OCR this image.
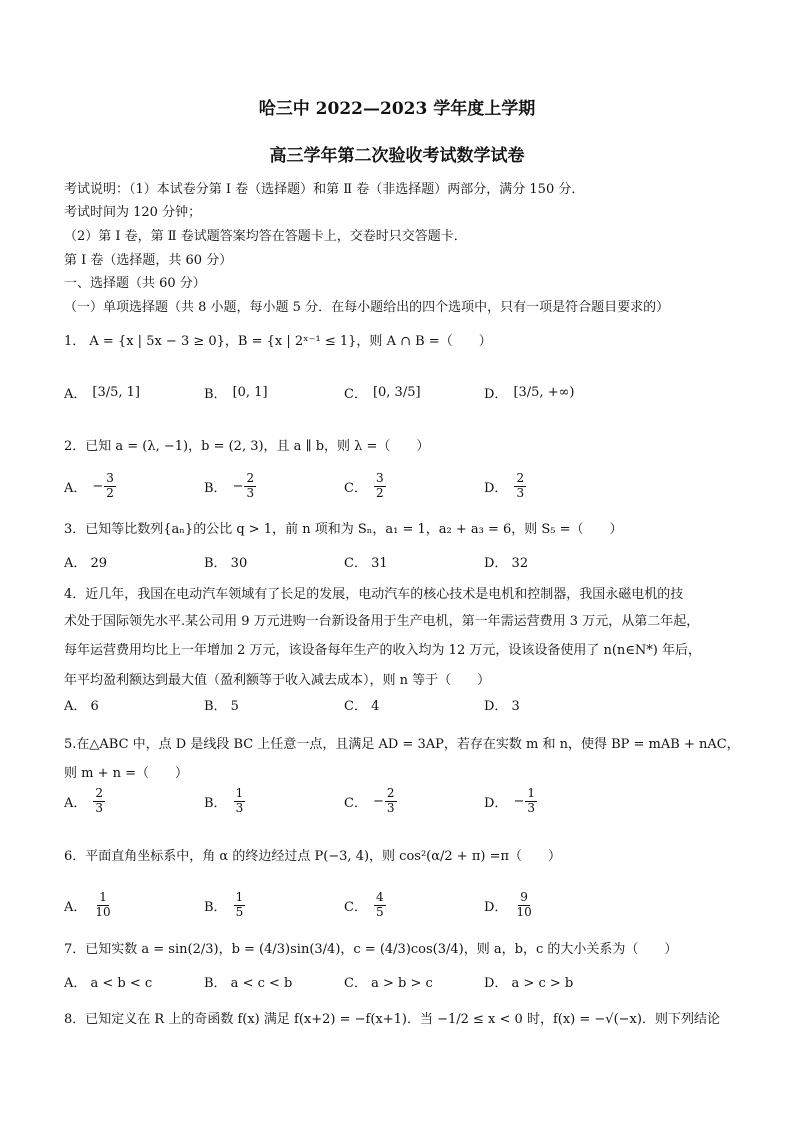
哈三中 2022—2023 学年度上学期
高三学年第二次验收考试数学试卷
考试说明：（1）本试卷分第 I 卷（选择题）和第 Ⅱ 卷（非选择题）两部分，满分 150 分．
考试时间为 120 分钟；
（2）第 I 卷，第 Ⅱ 卷试题答案均答在答题卡上，交卷时只交答题卡．
第 I 卷（选择题，共 60 分）
一、选择题（共 60 分）
（一）单项选择题（共 8 小题，每小题 5 分．在每小题给出的四个选项中，只有一项是符合题目要求的）
1． A = {x | 5x − 3 ≥ 0}，B = {x | 2ˣ⁻¹ ≤ 1}，则 A ∩ B =（　　）
A． [3/5, 1]	B． [0, 1]	C． [0, 3/5]	D． [3/5, +∞)
2．已知 a = (λ, −1)，b = (2, 3)，且 a ∥ b，则 λ =（　　）
A． − $\frac{3}{2}$	B． − $\frac{2}{3}$	C． $\frac{3}{2}$	D． $\frac{2}{3}$
3．已知等比数列{aₙ}的公比 q > 1，前 n 项和为 Sₙ，a₁ = 1，a₂ + a₃ = 6，则 S₅ =（　　）
A． 29	B． 30	C． 31	D． 32
4．近几年，我国在电动汽车领域有了长足的发展，电动汽车的核心技术是电机和控制器，我国永磁电机的技
术处于国际领先水平.某公司用 9 万元进购一台新设备用于生产电机，第一年需运营费用 3 万元，从第二年起，
每年运营费用均比上一年增加 2 万元，该设备每年生产的收入均为 12 万元，设该设备使用了 n(n∈N*) 年后，
年平均盈利额达到最大值（盈利额等于收入减去成本），则 n 等于（　　）
A． 6	B． 5	C． 4	D． 3
5.在△ABC 中，点 D 是线段 BC 上任意一点，且满足 AD = 3AP，若存在实数 m 和 n，使得 BP = mAB + nAC，
则 m + n =（　　）
A． $\frac{2}{3}$	B． $\frac{1}{3}$	C． − $\frac{2}{3}$	D． − $\frac{1}{3}$
6．平面直角坐标系中，角 α 的终边经过点 P(−3, 4)，则 cos²(α/2 + π) =π（　　）
A． $\frac{1}{10}$	B． $\frac{1}{5}$	C． $\frac{4}{5}$	D． $\frac{9}{10}$
7．已知实数 a = sin(2/3)，b = (4/3)sin(3/4)，c = (4/3)cos(3/4)，则 a，b，c 的大小关系为（　　）
A． a < b < c	B． a < c < b	C． a > b > c	D． a > c > b
8．已知定义在 R 上的奇函数 f(x) 满足 f(x+2) = −f(x+1)．当 −1/2 ≤ x < 0 时，f(x) = −√(−x)．则下列结论
